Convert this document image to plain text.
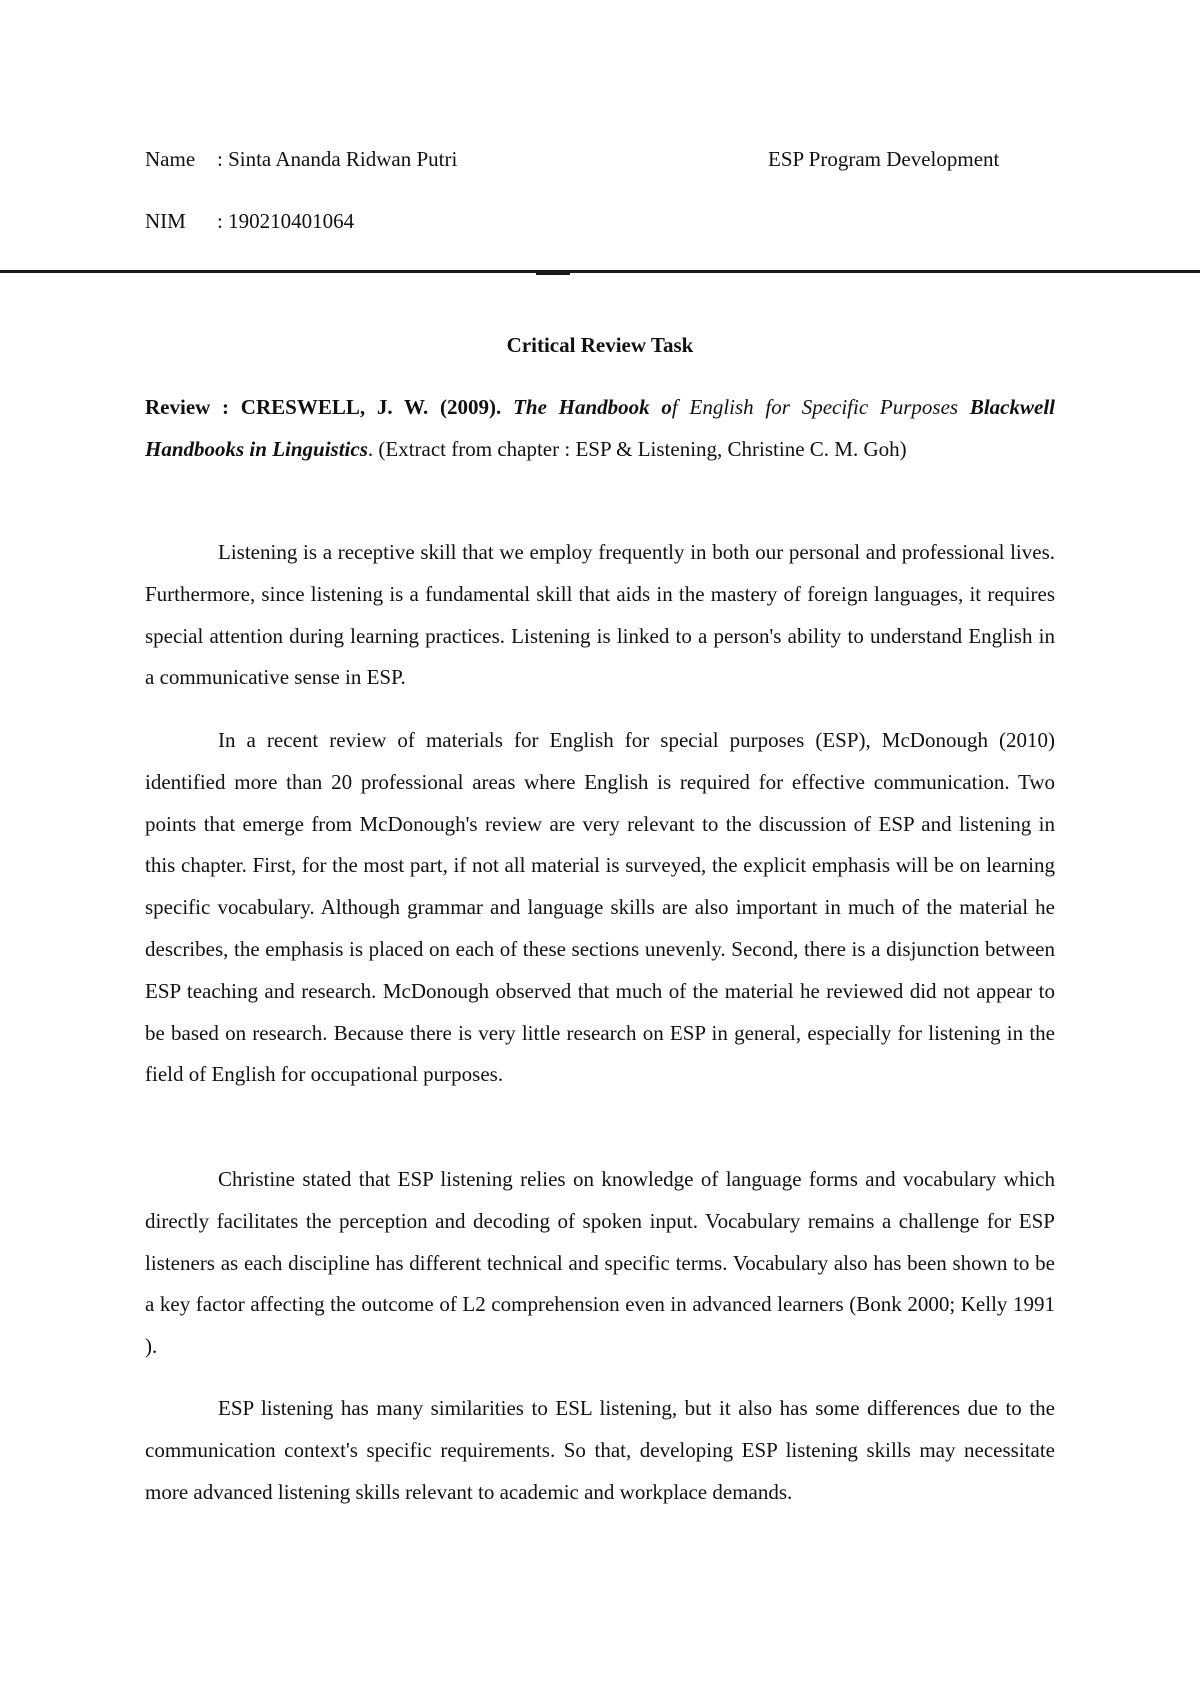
Name : Sinta Ananda Ridwan Putri	ESP Program Development
NIM : 190210401064
Critical Review Task

Review : CRESWELL, J. W. (2009). The Handbook of English for Specific Purposes Blackwell Handbooks in Linguistics. (Extract from chapter : ESP & Listening, Christine C. M. Goh)

Listening is a receptive skill that we employ frequently in both our personal and professional lives. Furthermore, since listening is a fundamental skill that aids in the mastery of foreign languages, it requires special attention during learning practices. Listening is linked to a person's ability to understand English in a communicative sense in ESP.

In a recent review of materials for English for special purposes (ESP), McDonough (2010) identified more than 20 professional areas where English is required for effective communication. Two points that emerge from McDonough's review are very relevant to the discussion of ESP and listening in this chapter. First, for the most part, if not all material is surveyed, the explicit emphasis will be on learning specific vocabulary. Although grammar and language skills are also important in much of the material he describes, the emphasis is placed on each of these sections unevenly. Second, there is a disjunction between ESP teaching and research. McDonough observed that much of the material he reviewed did not appear to be based on research. Because there is very little research on ESP in general, especially for listening in the field of English for occupational purposes.

Christine stated that ESP listening relies on knowledge of language forms and vocabulary which directly facilitates the perception and decoding of spoken input. Vocabulary remains a challenge for ESP listeners as each discipline has different technical and specific terms. Vocabulary also has been shown to be a key factor affecting the outcome of L2 comprehension even in advanced learners (Bonk 2000; Kelly 1991 ).

ESP listening has many similarities to ESL listening, but it also has some differences due to the communication context's specific requirements. So that, developing ESP listening skills may necessitate more advanced listening skills relevant to academic and workplace demands.
